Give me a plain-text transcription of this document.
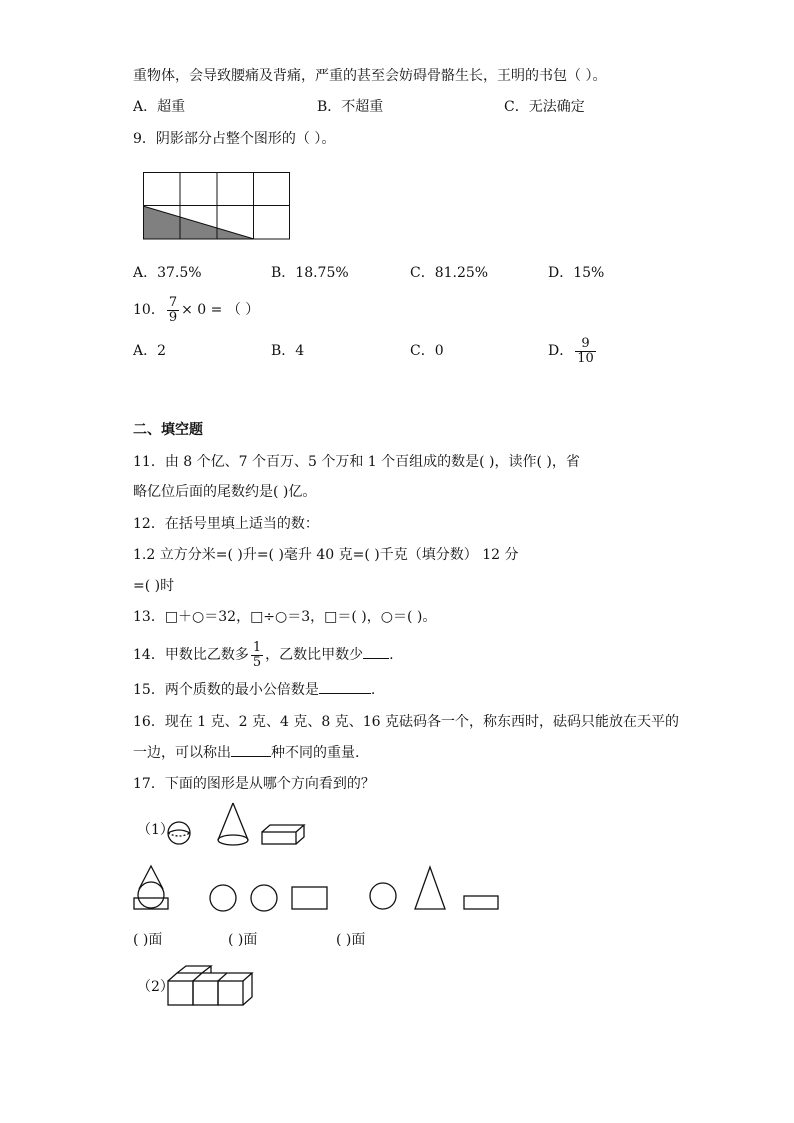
重物体，会导致腰痛及背痛，严重的甚至会妨碍骨骼生长，王明的书包（ ）。
A．超重	B．不超重	C．无法确定
9．阴影部分占整个图形的（ ）。
A．37.5%	B．18.75%	C．81.25%	D．15%
10． $\frac{7}{9} \times 0$ = （ ）
A．2	B．4	C．0	D． $\frac{9}{10}$
二、填空题
11．由 8 个亿、7 个百万、5 个万和 1 个百组成的数是( )，读作( )，省
略亿位后面的尾数约是( )亿。
12．在括号里填上适当的数：
1.2 立方分米=( )升=( )毫升 40 克=( )千克（填分数） 12 分
=( )时
13．□＋○＝32，□÷○＝3，□＝( )，○＝( )。
14．甲数比乙数多 $\frac{1}{5}$ ，乙数比甲数少 .
15．两个质数的最小公倍数是	.
16．现在 1 克、2 克、4 克、8 克、16 克砝码各一个，称东西时，砝码只能放在天平的
一边，可以称出	种不同的重量.
17．下面的图形是从哪个方向看到的？
（1）
( )面	( )面	( )面
（2）
